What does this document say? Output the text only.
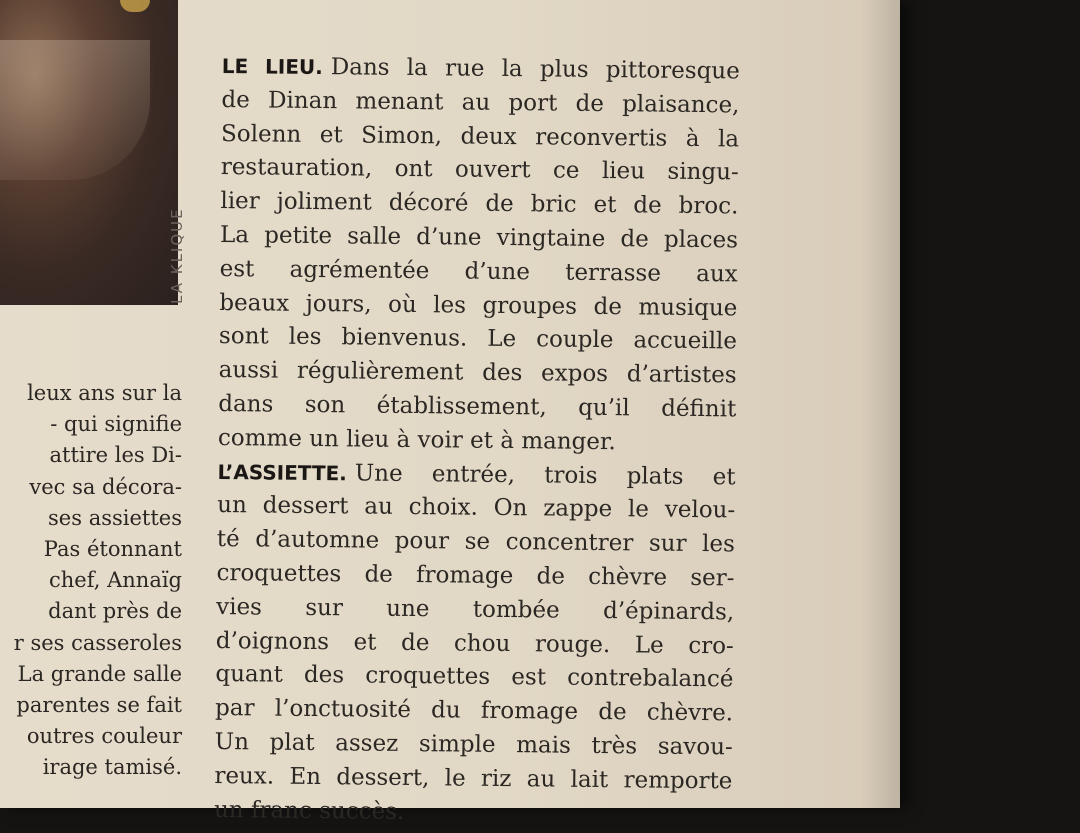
LA KLIQUE
leux ans sur la
- qui signifie
attire les Di-
vec sa décora-
ses assiettes
Pas étonnant
chef, Annaïg
dant près de
r ses casseroles
La grande salle
parentes se fait
outres couleur
irage tamisé.
LE LIEU. Dans la rue la plus pittoresque
de Dinan menant au port de plaisance,
Solenn et Simon, deux reconvertis à la
restauration, ont ouvert ce lieu singu-
lier joliment décoré de bric et de broc.
La petite salle d’une vingtaine de places
est agrémentée d’une terrasse aux
beaux jours, où les groupes de musique
sont les bienvenus. Le couple accueille
aussi régulièrement des expos d’artistes
dans son établissement, qu’il définit
comme un lieu à voir et à manger.
L’ASSIETTE. Une entrée, trois plats et
un dessert au choix. On zappe le velou-
té d’automne pour se concentrer sur les
croquettes de fromage de chèvre ser-
vies sur une tombée d’épinards,
d’oignons et de chou rouge. Le cro-
quant des croquettes est contrebalancé
par l’onctuosité du fromage de chèvre.
Un plat assez simple mais très savou-
reux. En dessert, le riz au lait remporte
un franc succès.
